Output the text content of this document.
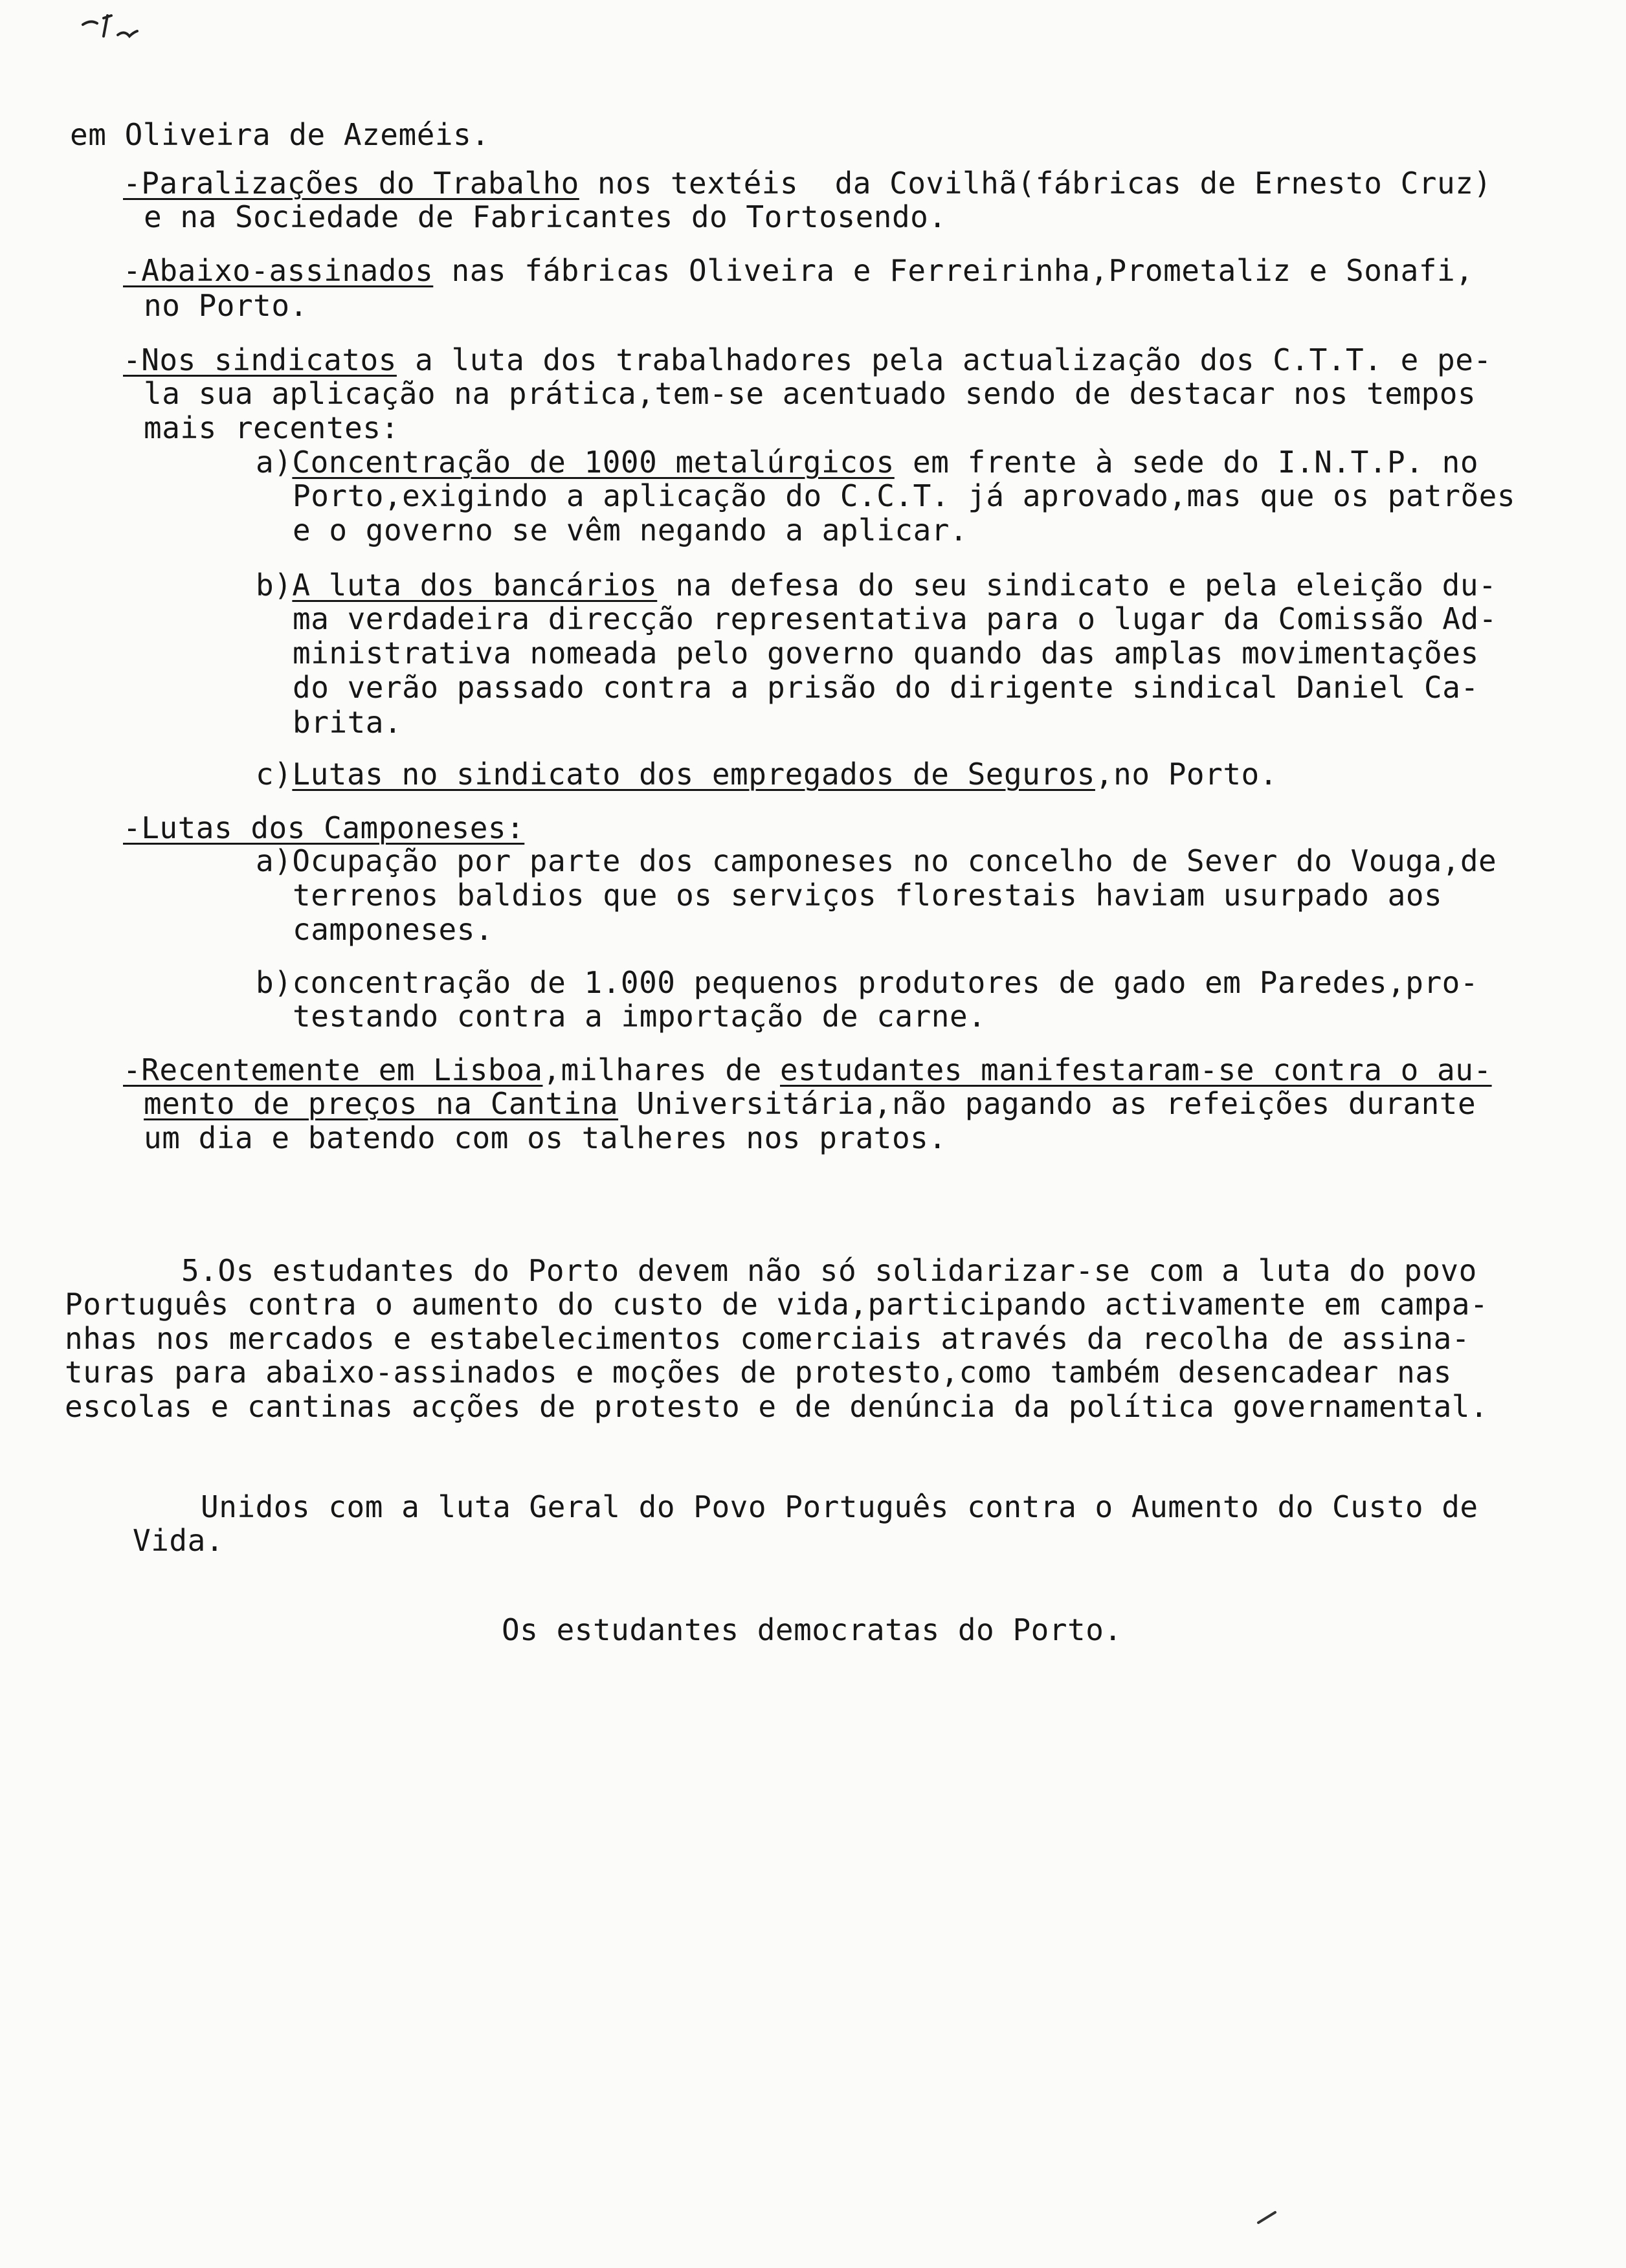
em Oliveira de Azeméis.
-Paralizações do Trabalho nos textéis  da Covilhã(fábricas de Ernesto Cruz)
e na Sociedade de Fabricantes do Tortosendo.
-Abaixo-assinados nas fábricas Oliveira e Ferreirinha,Prometaliz e Sonafi,
no Porto.
-Nos sindicatos a luta dos trabalhadores pela actualização dos C.T.T. e pe-
la sua aplicação na prática,tem-se acentuado sendo de destacar nos tempos
mais recentes:
a)Concentração de 1000 metalúrgicos em frente à sede do I.N.T.P. no
Porto,exigindo a aplicação do C.C.T. já aprovado,mas que os patrões
e o governo se vêm negando a aplicar.
b)A luta dos bancários na defesa do seu sindicato e pela eleição du-
ma verdadeira direcção representativa para o lugar da Comissão Ad-
ministrativa nomeada pelo governo quando das amplas movimentações
do verão passado contra a prisão do dirigente sindical Daniel Ca-
brita.
c)Lutas no sindicato dos empregados de Seguros,no Porto.
-Lutas dos Camponeses:
a)Ocupação por parte dos camponeses no concelho de Sever do Vouga,de
terrenos baldios que os serviços florestais haviam usurpado aos
camponeses.
b)concentração de 1.000 pequenos produtores de gado em Paredes,pro-
testando contra a importação de carne.
-Recentemente em Lisboa,milhares de estudantes manifestaram-se contra o au-
mento de preços na Cantina Universitária,não pagando as refeições durante
um dia e batendo com os talheres nos pratos.
5.Os estudantes do Porto devem não só solidarizar-se com a luta do povo
Português contra o aumento do custo de vida,participando activamente em campa-
nhas nos mercados e estabelecimentos comerciais através da recolha de assina-
turas para abaixo-assinados e moções de protesto,como também desencadear nas
escolas e cantinas acções de protesto e de denúncia da política governamental.
Unidos com a luta Geral do Povo Português contra o Aumento do Custo de
Vida.
Os estudantes democratas do Porto.
